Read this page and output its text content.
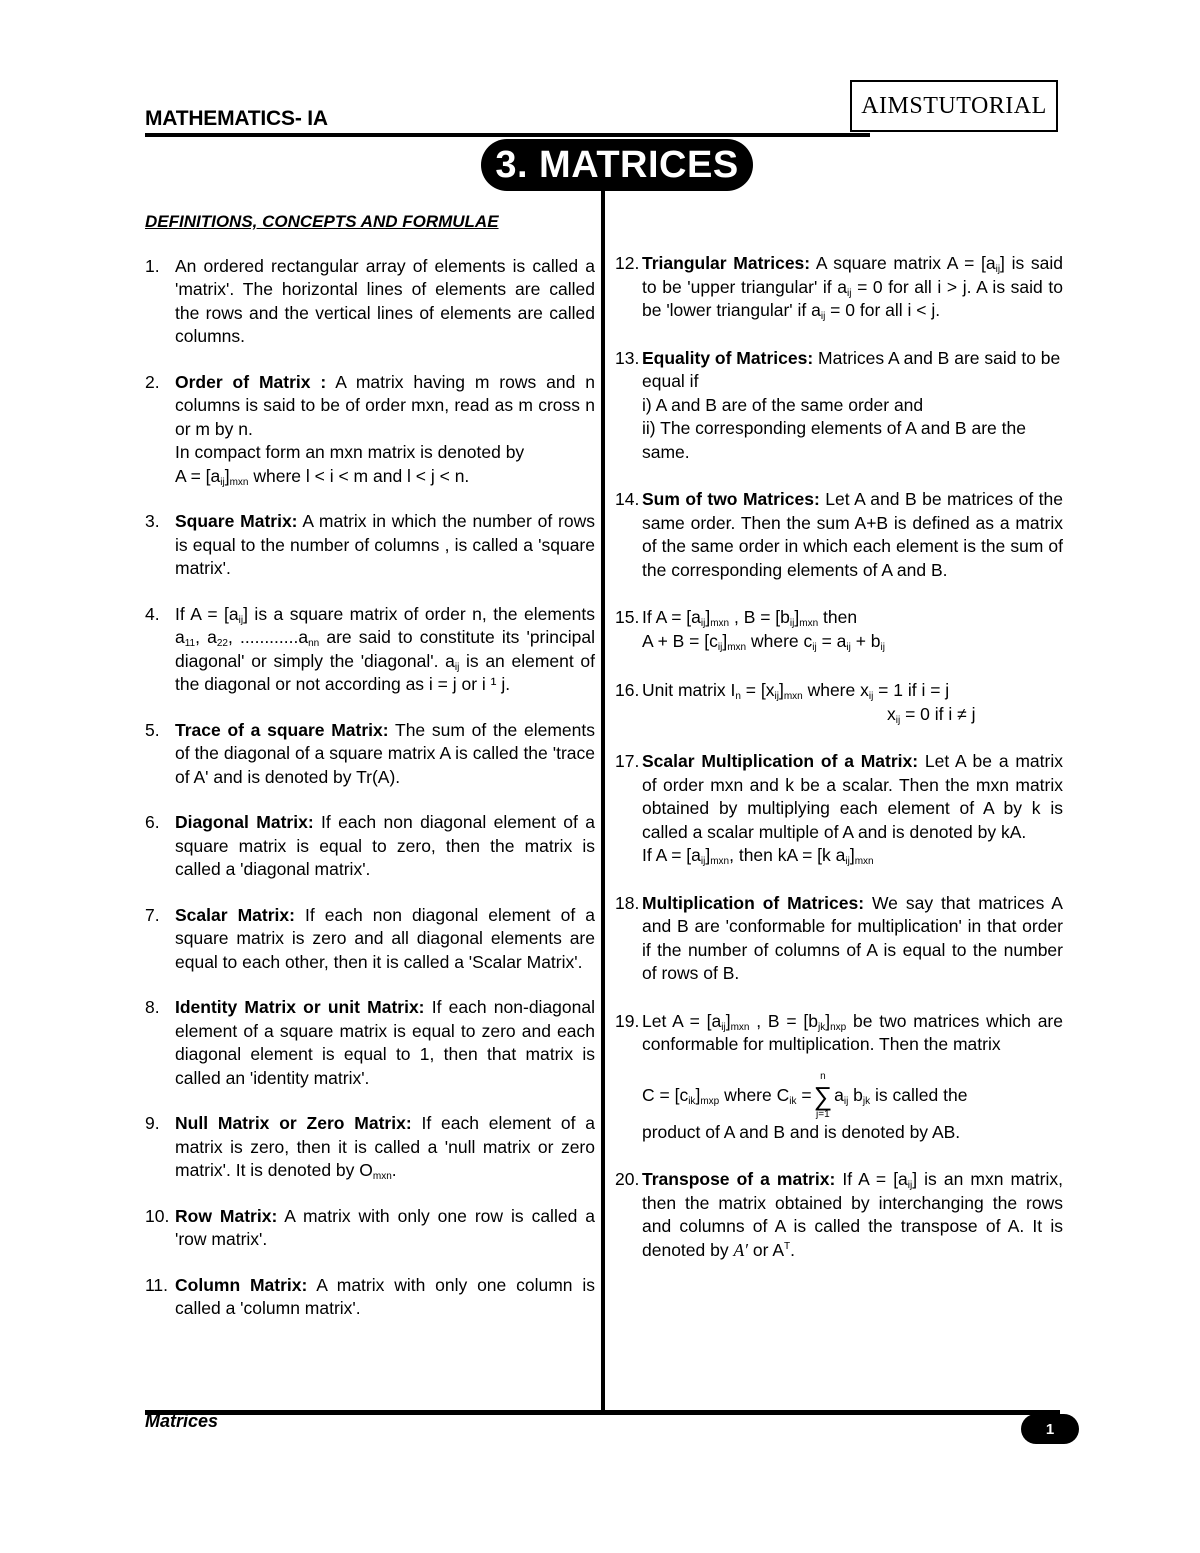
MATHEMATICS- IA	AIMSTUTORIAL
3. MATRICES
DEFINITIONS, CONCEPTS AND FORMULAE
1. An ordered rectangular array of elements is called a 'matrix'. The horizontal lines of elements are called the rows and the vertical lines of elements are called columns.
2. Order of Matrix : A matrix having m rows and n columns is said to be of order mxn, read as m cross n or m by n.
In compact form an mxn matrix is denoted by
$A = [a_{ij}]_{mxn}$ where l < i < m and l < j < n.
3. Square Matrix: A matrix in which the number of rows is equal to the number of columns , is called a 'square matrix'.
4. If $A = [a_{ij}]$ is a square matrix of order n, the elements $a_{11}$, $a_{22}$, $............a_{nn}$ are said to constitute its 'principal diagonal' or simply the 'diagonal'. $a_{ij}$ is an element of the diagonal or not according as i = j or i ¹ j.
5. Trace of a square Matrix: The sum of the elements of the diagonal of a square matrix A is called the 'trace of A' and is denoted by Tr(A).
6. Diagonal Matrix: If each non diagonal element of a square matrix is equal to zero, then the matrix is called a 'diagonal matrix'.
7. Scalar Matrix: If each non diagonal element of a square matrix is zero and all diagonal elements are equal to each other, then it is called a 'Scalar Matrix'.
8. Identity Matrix or unit Matrix: If each non-diagonal element of a square matrix is equal to zero and each diagonal element is equal to 1, then that matrix is called an 'identity matrix'.
9. Null Matrix or Zero Matrix: If each element of a matrix is zero, then it is called a 'null matrix or zero matrix'. It is denoted by $O_{mxn}$.
10. Row Matrix: A matrix with only one row is called a 'row matrix'.
11. Column Matrix: A matrix with only one column is called a 'column matrix'.
12. Triangular Matrices: A square matrix $A = [a_{ij}]$ is said to be 'upper triangular' if $a_{ij} = 0$ for all i > j. A is said to be 'lower triangular' if $a_{ij} = 0$ for all i < j.
13. Equality of Matrices: Matrices A and B are said to be equal if
i) A and B are of the same order and
ii) The corresponding elements of A and B are the same.
14. Sum of two Matrices: Let A and B be matrices of the same order. Then the sum A+B is defined as a matrix of the same order in which each element is the sum of the corresponding elements of A and B.
15. If $A = [a_{ij}]_{mxn}$ , $B = [b_{ij}]_{mxn}$ then
$A + B = [c_{ij}]_{mxn}$ where $c_{ij} = a_{ij} + b_{ij}$
16. Unit matrix $I_n = [x_{ij}]_{mxn}$ where $x_{ij} = 1$ if i = j
$x_{ij} = 0$ if i ≠ j
17. Scalar Multiplication of a Matrix: Let A be a matrix of order mxn and k be a scalar. Then the mxn matrix obtained by multiplying each element of A by k is called a scalar multiple of A and is denoted by kA.
If $A = [a_{ij}]_{mxn}$, then kA = [k $a_{ij}]_{mxn}$
18. Multiplication of Matrices: We say that matrices A and B are 'conformable for multiplication' in that order if the number of columns of A is equal to the number of rows of B.
19. Let $A = [a_{ij}]_{mxn}$ , $B = [b_{jk}]_{nxp}$ be two matrices which are conformable for multiplication. Then the matrix
$C = [c_{ik}]_{mxp}$ where $C_{ik}$ =
n
∑
j=1
$a_{ij}$ $b_{jk}$ is called the
product of A and B and is denoted by AB.
20. Transpose of a matrix: If $A = [a_{ij}]$ is an mxn matrix, then the matrix obtained by interchanging the rows and columns of A is called the transpose of A. It is denoted by A′ or $A^T$.
Matrices	1
